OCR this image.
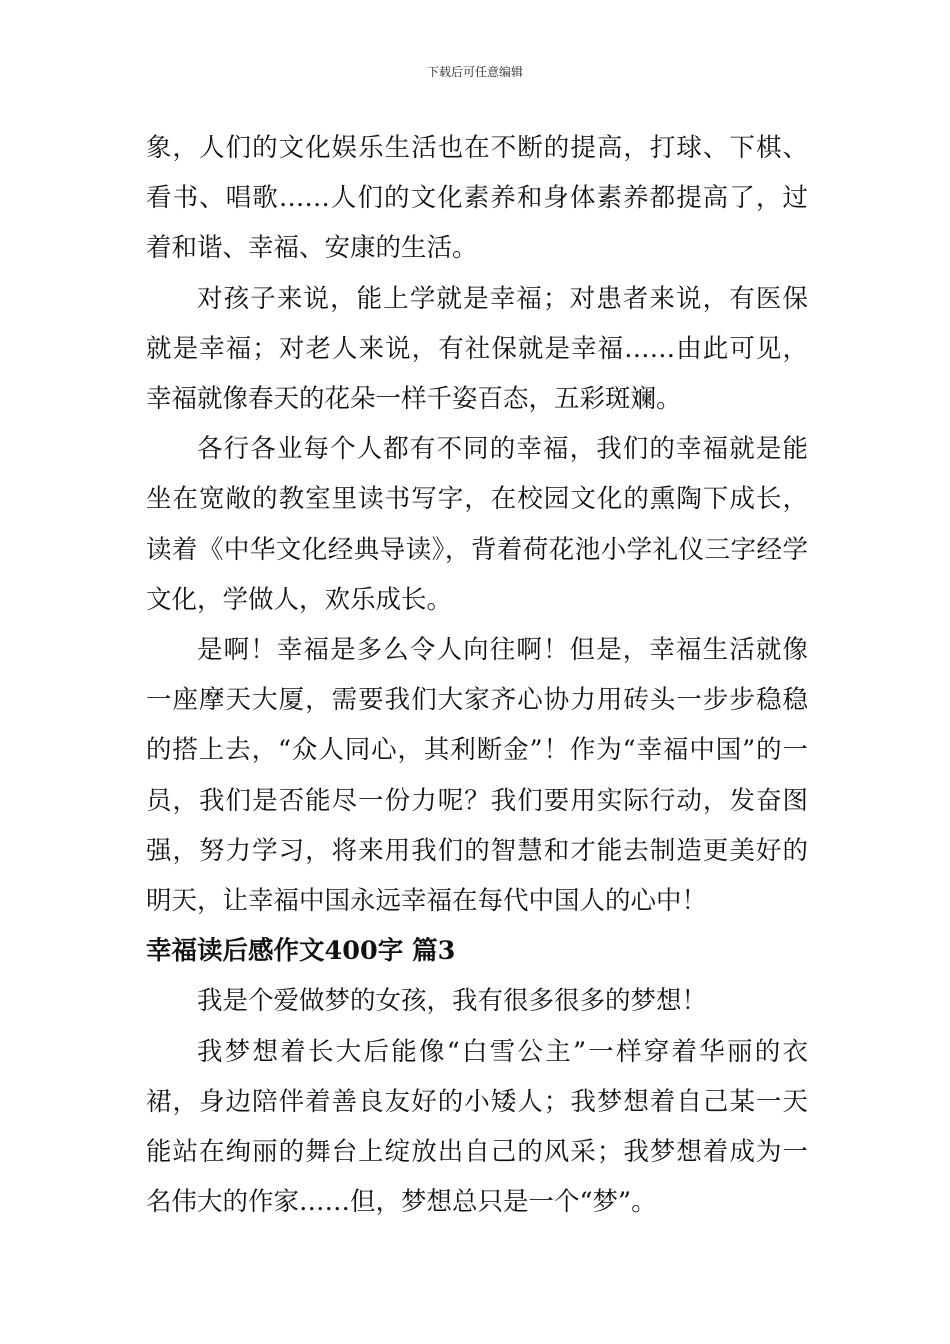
下载后可任意编辑

象，人们的文化娱乐生活也在不断的提高，打球、下棋、看书、唱歌……人们的文化素养和身体素养都提高了，过着和谐、幸福、安康的生活。

对孩子来说，能上学就是幸福；对患者来说，有医保就是幸福；对老人来说，有社保就是幸福……由此可见，幸福就像春天的花朵一样千姿百态，五彩斑斓。

各行各业每个人都有不同的幸福，我们的幸福就是能坐在宽敞的教室里读书写字，在校园文化的熏陶下成长，读着《中华文化经典导读》，背着荷花池小学礼仪三字经学文化，学做人，欢乐成长。

是啊！幸福是多么令人向往啊！但是，幸福生活就像一座摩天大厦，需要我们大家齐心协力用砖头一步步稳稳的搭上去，“众人同心，其利断金”！作为“幸福中国”的一员，我们是否能尽一份力呢？我们要用实际行动，发奋图强，努力学习，将来用我们的智慧和才能去制造更美好的明天，让幸福中国永远幸福在每代中国人的心中！

幸福读后感作文400字 篇3

我是个爱做梦的女孩，我有很多很多的梦想！

我梦想着长大后能像“白雪公主”一样穿着华丽的衣裙，身边陪伴着善良友好的小矮人；我梦想着自己某一天能站在绚丽的舞台上绽放出自己的风采；我梦想着成为一名伟大的作家……但，梦想总只是一个“梦”。
